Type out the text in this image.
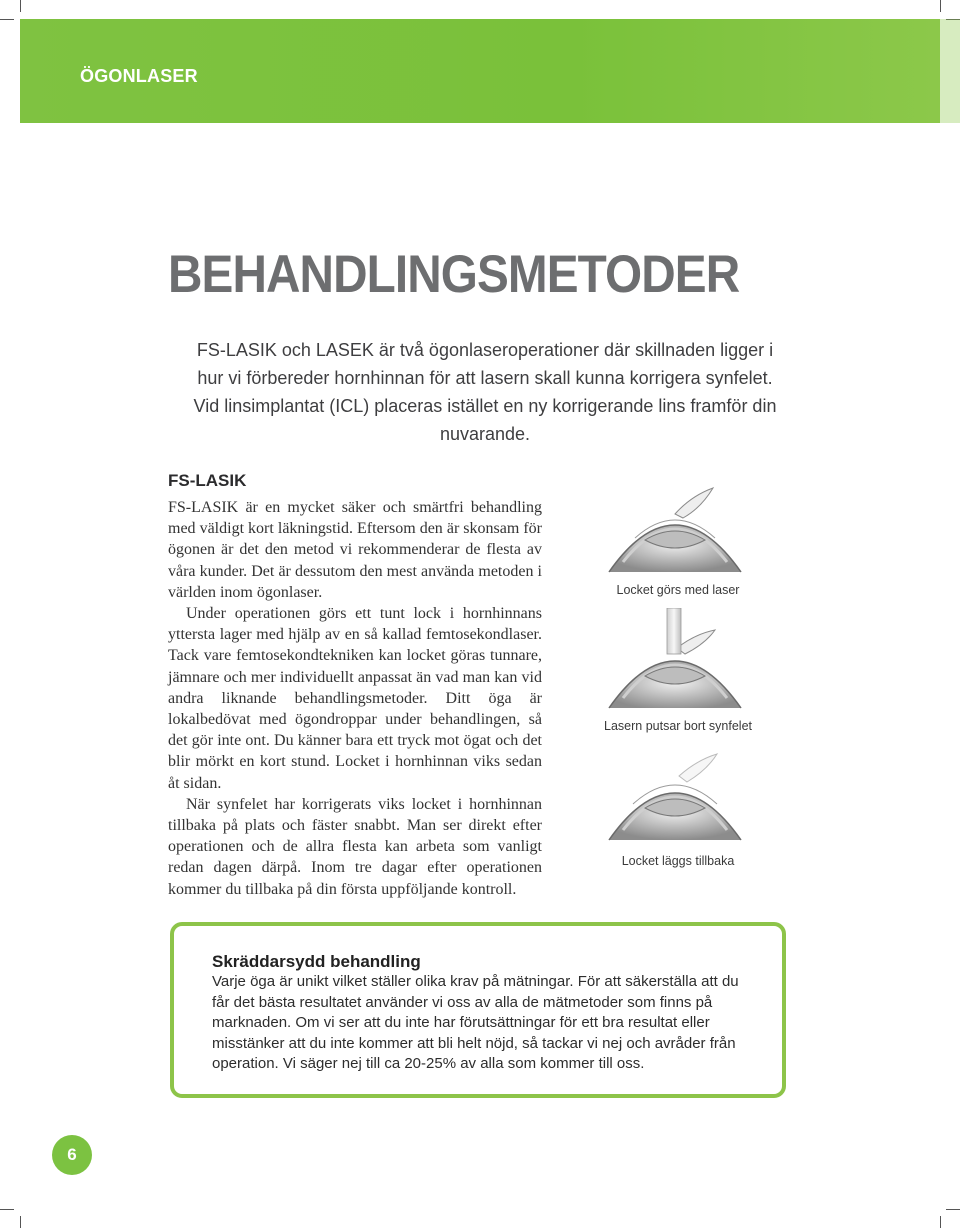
ÖGONLASER
BEHANDLINGSMETODER

FS-LASIK och LASEK är två ögonlaseroperationer där skillnaden ligger i hur vi förbereder hornhinnan för att lasern skall kunna korrigera synfelet. Vid linsimplantat (ICL) placeras istället en ny korrigerande lins framför din nuvarande.

FS-LASIK

FS-LASIK är en mycket säker och smärtfri behandling med väldigt kort läkningstid. Eftersom den är skonsam för ögonen är det den metod vi rekommenderar de flesta av våra kunder. Det är dessutom den mest använda metoden i världen inom ögonlaser.

Under operationen görs ett tunt lock i hornhinnans yttersta lager med hjälp av en så kallad femtosekondlaser. Tack vare femtosekondtekniken kan locket göras tunnare, jämnare och mer individuellt anpassat än vad man kan vid andra liknande behandlingsmetoder. Ditt öga är lokalbedövat med ögondroppar under behandlingen, så det gör inte ont. Du känner bara ett tryck mot ögat och det blir mörkt en kort stund. Locket i hornhinnan viks sedan åt sidan.

När synfelet har korrigerats viks locket i hornhinnan tillbaka på plats och fäster snabbt. Man ser direkt efter operationen och de allra flesta kan arbeta som vanligt redan dagen därpå. Inom tre dagar efter operationen kommer du tillbaka på din första uppföljande kontroll.

Locket görs med laser
Lasern putsar bort synfelet
Locket läggs tillbaka
Skräddarsydd behandling

Varje öga är unikt vilket ställer olika krav på mätningar. För att säkerställa att du får det bästa resultatet använder vi oss av alla de mätmetoder som finns på marknaden. Om vi ser att du inte har förutsättningar för ett bra resultat eller misstänker att du inte kommer att bli helt nöjd, så tackar vi nej och avråder från operation. Vi säger nej till ca 20-25% av alla som kommer till oss.

6
